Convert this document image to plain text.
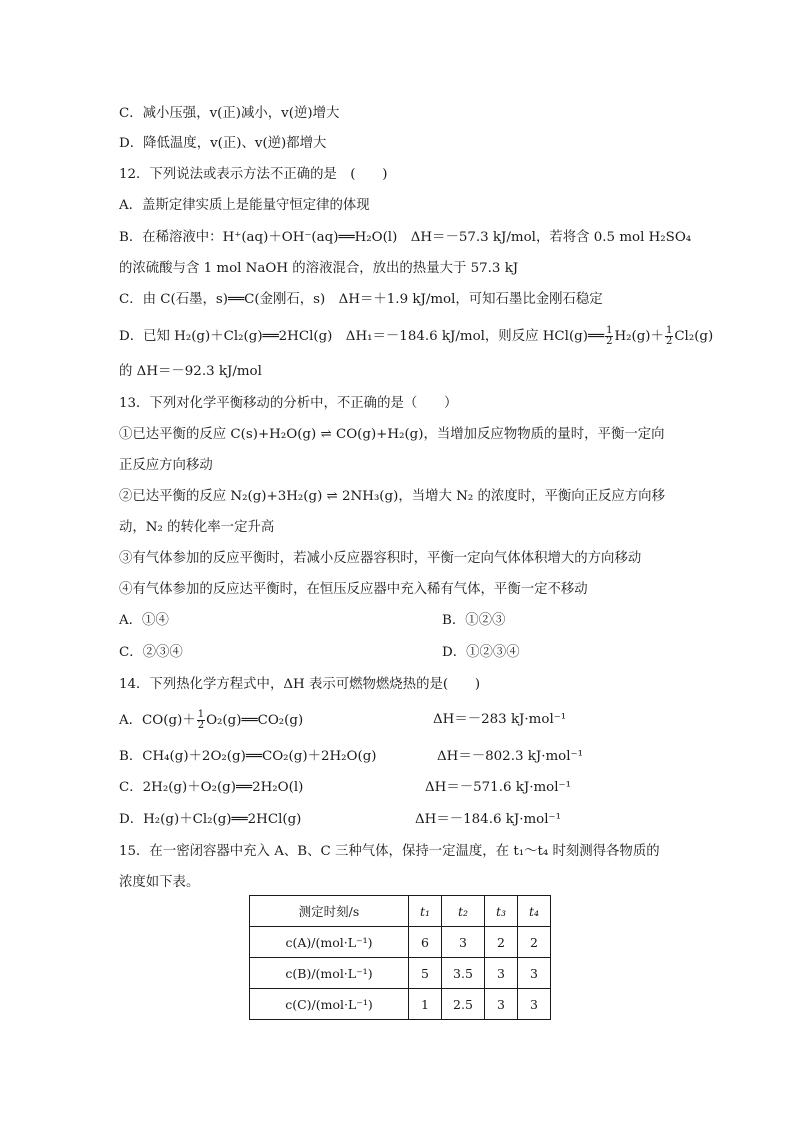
C．减小压强，v(正)减小，v(逆)增大
D．降低温度，v(正)、v(逆)都增大
12．下列说法或表示方法不正确的是　(　　)
A．盖斯定律实质上是能量守恒定律的体现
B．在稀溶液中：H⁺(aq)＋OH⁻(aq)══H₂O(l)　ΔH＝－57.3 kJ/mol，若将含 0.5 mol H₂SO₄
的浓硫酸与含 1 mol NaOH 的溶液混合，放出的热量大于 57.3 kJ
C．由 C(石墨，s)══C(金刚石，s)　ΔH＝＋1.9 kJ/mol，可知石墨比金刚石稳定
D．已知 H₂(g)＋Cl₂(g)══2HCl(g)　ΔH₁＝－184.6 kJ/mol，则反应 HCl(g)══ $\frac{1}{2} H_2(g)+ \frac{1}{2} Cl_2(g)$
的 ΔH＝－92.3 kJ/mol
13．下列对化学平衡移动的分析中，不正确的是（　　）
①已达平衡的反应 C(s)+H₂O(g) ⇌ CO(g)+H₂(g)，当增加反应物物质的量时，平衡一定向
正反应方向移动
②已达平衡的反应 N₂(g)+3H₂(g) ⇌ 2NH₃(g)，当增大 N₂ 的浓度时，平衡向正反应方向移
动，N₂ 的转化率一定升高
③有气体参加的反应平衡时，若减小反应器容积时，平衡一定向气体体积增大的方向移动
④有气体参加的反应达平衡时，在恒压反应器中充入稀有气体，平衡一定不移动
A．①④	B．①②③
C．②③④	D．①②③④
14．下列热化学方程式中，ΔH 表示可燃物燃烧热的是(　　)
A．$CO(g)+ \frac{1}{2}$ O₂(g)══CO₂(g)	ΔH＝－283 kJ·mol⁻¹
B．CH₄(g)＋2O₂(g)══CO₂(g)＋2H₂O(g)	ΔH＝－802.3 kJ·mol⁻¹
C．2H₂(g)＋O₂(g)══2H₂O(l)	ΔH＝－571.6 kJ·mol⁻¹
D．H₂(g)＋Cl₂(g)══2HCl(g)	ΔH＝－184.6 kJ·mol⁻¹
15．在一密闭容器中充入 A、B、C 三种气体，保持一定温度，在 t₁～t₄ 时刻测得各物质的
浓度如下表。
测定时刻/s	t₁	t₂	t₃	t₄
c(A)/(mol·L⁻¹)	6	3	2	2
c(B)/(mol·L⁻¹)	5	3.5	3	3
c(C)/(mol·L⁻¹)	1	2.5	3	3
